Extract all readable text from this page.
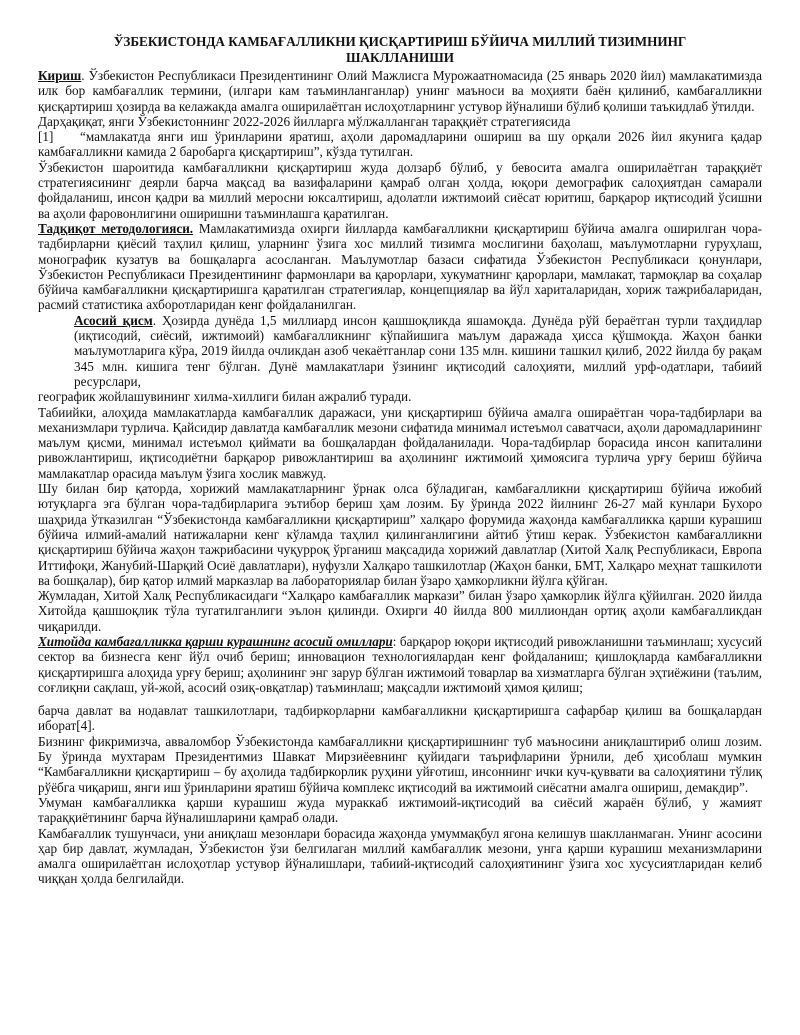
ЎЗБЕКИСТОНДА КАМБАҒАЛЛИКНИ ҚИСҚАРТИРИШ БЎЙИЧА МИЛЛИЙ ТИЗИМНИНГ
ШАКЛЛАНИШИ

Кириш. Ўзбекистон Республикаси Президентининг Олий Мажлисга Мурожаатномасида (25 январь 2020 йил) мамлакатимизда илк бор камбағаллик термини, (илгари кам таъминланганлар) унинг маъноси ва моҳияти баён қилиниб, камбағалликни қисқартириш ҳозирда ва келажакда амалга оширилаётган ислоҳотларнинг устувор йўналиши бўлиб қолиши таъкидлаб ўтилди.

Дарҳақиқат, янги Ўзбекистоннинг 2022-2026 йилларга мўлжалланган тараққиёт стратегиясида

[1] “мамлакатда янги иш ўринларини яратиш, аҳоли даромадларини ошириш ва шу орқали 2026 йил якунига қадар камбағалликни камида 2 баробарга қисқартириш”, кўзда тутилган.

Ўзбекистон шароитида камбағалликни қисқартириш жуда долзарб бўлиб, у бевосита амалга оширилаётган тараққиёт стратегиясининг деярли барча мақсад ва вазифаларини қамраб олган ҳолда, юқори демографик салоҳиятдан самарали фойдаланиш, инсон қадри ва миллий меросни юксалтириш, адолатли ижтимоий сиёсат юритиш, барқарор иқтисодий ўсишни ва аҳоли фаровонлигини оширишни таъминлашга қаратилган.

Тадқиқот методологияси. Мамлакатимизда охирги йилларда камбағалликни қисқартириш бўйича амалга оширилган чора-тадбирларни қиёсий таҳлил қилиш, уларнинг ўзига хос миллий тизимга мослигини баҳолаш, маълумотларни гуруҳлаш, монографик кузатув ва бошқаларга асосланган. Маълумотлар базаси сифатида Ўзбекистон Республикаси қонунлари, Ўзбекистон Республикаси Президентининг фармонлари ва қарорлари, хукуматнинг қарорлари, мамлакат, тармоқлар ва соҳалар бўйича камбағалликни қисқартиришга қаратилган стратегиялар, концепциялар ва йўл хариталаридан, хориж тажрибаларидан, расмий статистика ахборотларидан кенг фойдаланилган.

Асосий қисм. Ҳозирда дунёда 1,5 миллиард инсон қашшоқликда яшамоқда. Дунёда рўй бераётган турли таҳдидлар (иқтисодий, сиёсий, ижтимоий) камбағалликнинг кўпайишига маълум даражада ҳисса қўшмоқда. Жаҳон банки маълумотларига кўра, 2019 йилда очликдан азоб чекаётганлар сони 135 млн. кишини ташкил қилиб, 2022 йилда бу рақам 345 млн. кишига тенг бўлган. Дунё мамлакатлари ўзининг иқтисодий салоҳияти, миллий урф-одатлари, табиий ресурслари,

географик жойлашувининг хилма-хиллиги билан ажралиб туради.

Табиийки, алоҳида мамлакатларда камбағаллик даражаси, уни қисқартириш бўйича амалга ошираётган чора-тадбирлари ва механизмлари турлича. Қайсидир давлатда камбағаллик мезони сифатида минимал истеъмол саватчаси, аҳоли даромадларининг маълум қисми, минимал истеъмол қиймати ва бошқалардан фойдаланилади. Чора-тадбирлар борасида инсон капиталини ривожлантириш, иқтисодиётни барқарор ривожлантириш ва аҳолининг ижтимоий ҳимоясига турлича урғу бериш бўйича мамлакатлар орасида маълум ўзига хослик мавжуд.

Шу билан бир қаторда, хорижий мамлакатларнинг ўрнак олса бўладиган, камбағалликни қисқартириш бўйича ижобий ютуқларга эга бўлган чора-тадбирларига эътибор бериш ҳам лозим. Бу ўринда 2022 йилнинг 26-27 май кунлари Бухоро шаҳрида ўтказилган “Ўзбекистонда камбағалликни қисқартириш” халқаро форумида жаҳонда камбағалликка қарши курашиш бўйича илмий-амалий натижаларни кенг кўламда таҳлил қилинганлигини айтиб ўтиш керак. Ўзбекистон камбағалликни қисқартириш бўйича жаҳон тажрибасини чуқурроқ ўрганиш мақсадида хорижий давлатлар (Хитой Халқ Республикаси, Европа Иттифоқи, Жанубий-Шарқий Осиё давлатлари), нуфузли Халқаро ташкилотлар (Жаҳон банки, БМТ, Халқаро меҳнат ташкилоти ва бошқалар), бир қатор илмий марказлар ва лабораториялар билан ўзаро ҳамкорликни йўлга қўйган.

Жумладан, Хитой Халқ Республикасидаги “Халқаро камбағаллик маркази” билан ўзаро ҳамкорлик йўлга қўйилган. 2020 йилда Хитойда қашшоқлик тўла тугатилганлиги эълон қилинди. Охирги 40 йилда 800 миллиондан ортиқ аҳоли камбағалликдан чиқарилди.

Хитойда камбағалликка қарши курашнинг асосий омиллари: барқарор юқори иқтисодий ривожланишни таъминлаш; хусусий сектор ва бизнесга кенг йўл очиб бериш; инновацион технологиялардан кенг фойдаланиш; қишлоқларда камбағалликни қисқартиришга алоҳида урғу бериш; аҳолининг энг зарур бўлган ижтимоий товарлар ва хизматларга бўлган эҳтиёжини (таълим, соғлиқни сақлаш, уй-жой, асосий озиқ-овқатлар) таъминлаш; мақсадли ижтимоий ҳимоя қилиш;

барча давлат ва нодавлат ташкилотлари, тадбиркорларни камбағалликни қисқартиришга сафарбар қилиш ва бошқалардан иборат[4].

Бизнинг фикримизча, авваломбор Ўзбекистонда камбағалликни қисқартиришнинг туб маъносини аниқлаштириб олиш лозим. Бу ўринда мухтарам Президентимиз Шавкат Мирзиёевнинг қуйидаги таърифларини ўрнили, деб ҳисоблаш мумкин “Камбағалликни қисқартириш – бу аҳолида тадбиркорлик руҳини уйғотиш, инсоннинг ички куч-қуввати ва салоҳиятини тўлиқ рўёбга чиқариш, янги иш ўринларини яратиш бўйича комплекс иқтисодий ва ижтимоий сиёсатни амалга ошириш, демакдир”.

Умуман камбағалликка қарши курашиш жуда мураккаб ижтимоий-иқтисодий ва сиёсий жараён бўлиб, у жамият тараққиётининг барча йўналишларини қамраб олади.

Камбағаллик тушунчаси, уни аниқлаш мезонлари борасида жаҳонда умуммақбул ягона келишув шаклланмаган. Унинг асосини ҳар бир давлат, жумладан, Ўзбекистон ўзи белгилаган миллий камбағаллик мезони, унга қарши курашиш механизмларини амалга оширилаётган ислоҳотлар устувор йўналишлари, табиий-иқтисодий салоҳиятининг ўзига хос хусусиятларидан келиб чиққан ҳолда белгилайди.
